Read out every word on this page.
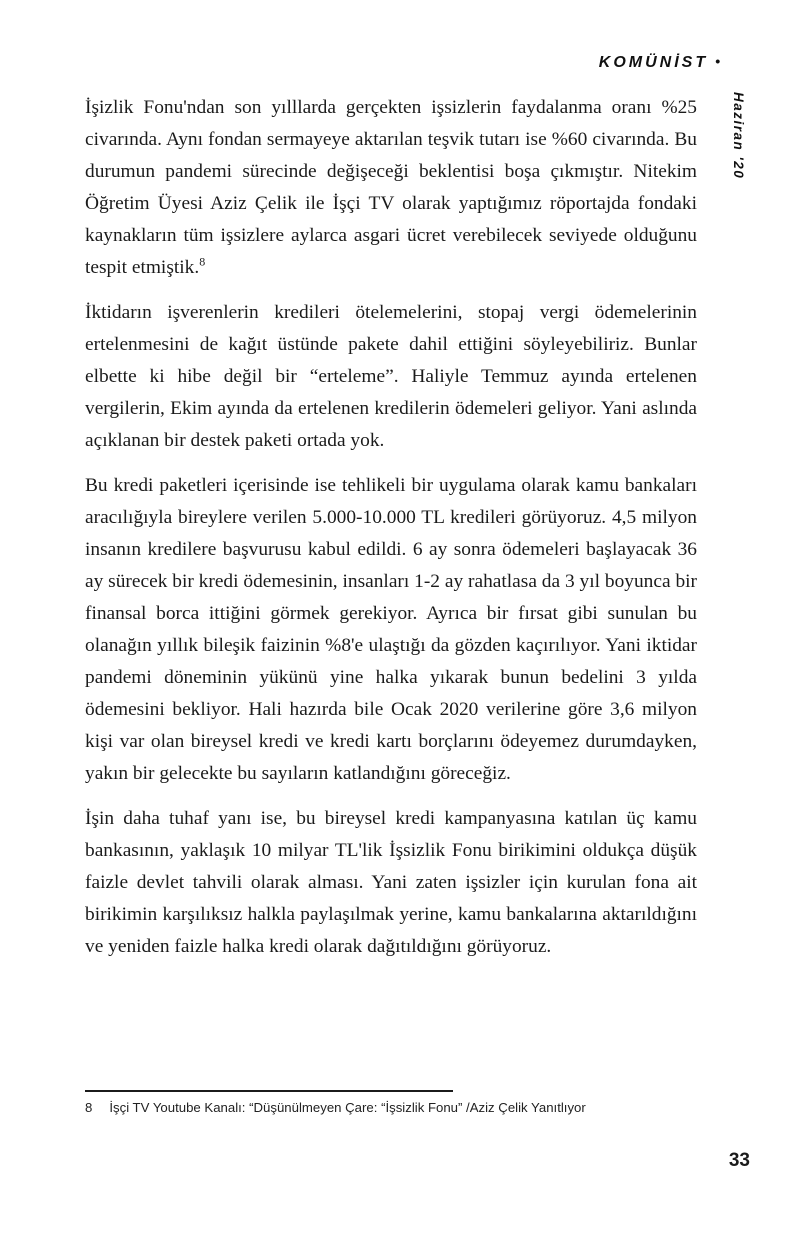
KOMÜNİST •
Haziran '20

İşizlik Fonu'ndan son yılllarda gerçekten işsizlerin faydalanma oranı %25 civarında. Aynı fondan sermayeye aktarılan teşvik tutarı ise %60 civarında. Bu durumun pandemi sürecinde değişeceği beklentisi boşa çıkmıştır. Nitekim Öğretim Üyesi Aziz Çelik ile İşçi TV olarak yaptığımız röportajda fondaki kaynakların tüm işsizlere aylarca asgari ücret verebilecek seviyede olduğunu tespit etmiştik.$^8$

İktidarın işverenlerin kredileri ötelemelerini, stopaj vergi ödemelerinin ertelenmesini de kağıt üstünde pakete dahil ettiğini söyleyebiliriz. Bunlar elbette ki hibe değil bir “erteleme”. Haliyle Temmuz ayında ertelenen vergilerin, Ekim ayında da ertelenen kredilerin ödemeleri geliyor. Yani aslında açıklanan bir destek paketi ortada yok.

Bu kredi paketleri içerisinde ise tehlikeli bir uygulama olarak kamu bankaları aracılığıyla bireylere verilen 5.000-10.000 TL kredileri görüyoruz. 4,5 milyon insanın kredilere başvurusu kabul edildi. 6 ay sonra ödemeleri başlayacak 36 ay sürecek bir kredi ödemesinin, insanları 1-2 ay rahatlasa da 3 yıl boyunca bir finansal borca ittiğini görmek gerekiyor. Ayrıca bir fırsat gibi sunulan bu olanağın yıllık bileşik faizinin %8'e ulaştığı da gözden kaçırılıyor. Yani iktidar pandemi döneminin yükünü yine halka yıkarak bunun bedelini 3 yılda ödemesini bekliyor. Hali hazırda bile Ocak 2020 verilerine göre 3,6 milyon kişi var olan bireysel kredi ve kredi kartı borçlarını ödeyemez durumdayken, yakın bir gelecekte bu sayıların katlandığını göreceğiz.

İşin daha tuhaf yanı ise, bu bireysel kredi kampanyasına katılan üç kamu bankasının, yaklaşık 10 milyar TL'lik İşsizlik Fonu birikimini oldukça düşük faizle devlet tahvili olarak alması. Yani zaten işsizler için kurulan fona ait birikimin karşılıksız halkla paylaşılmak yerine, kamu bankalarına aktarıldığını ve yeniden faizle halka kredi olarak dağıtıldığını görüyoruz.

8 İşçi TV Youtube Kanalı: “Düşünülmeyen Çare: “İşsizlik Fonu” /Aziz Çelik Yanıtlıyor
33
